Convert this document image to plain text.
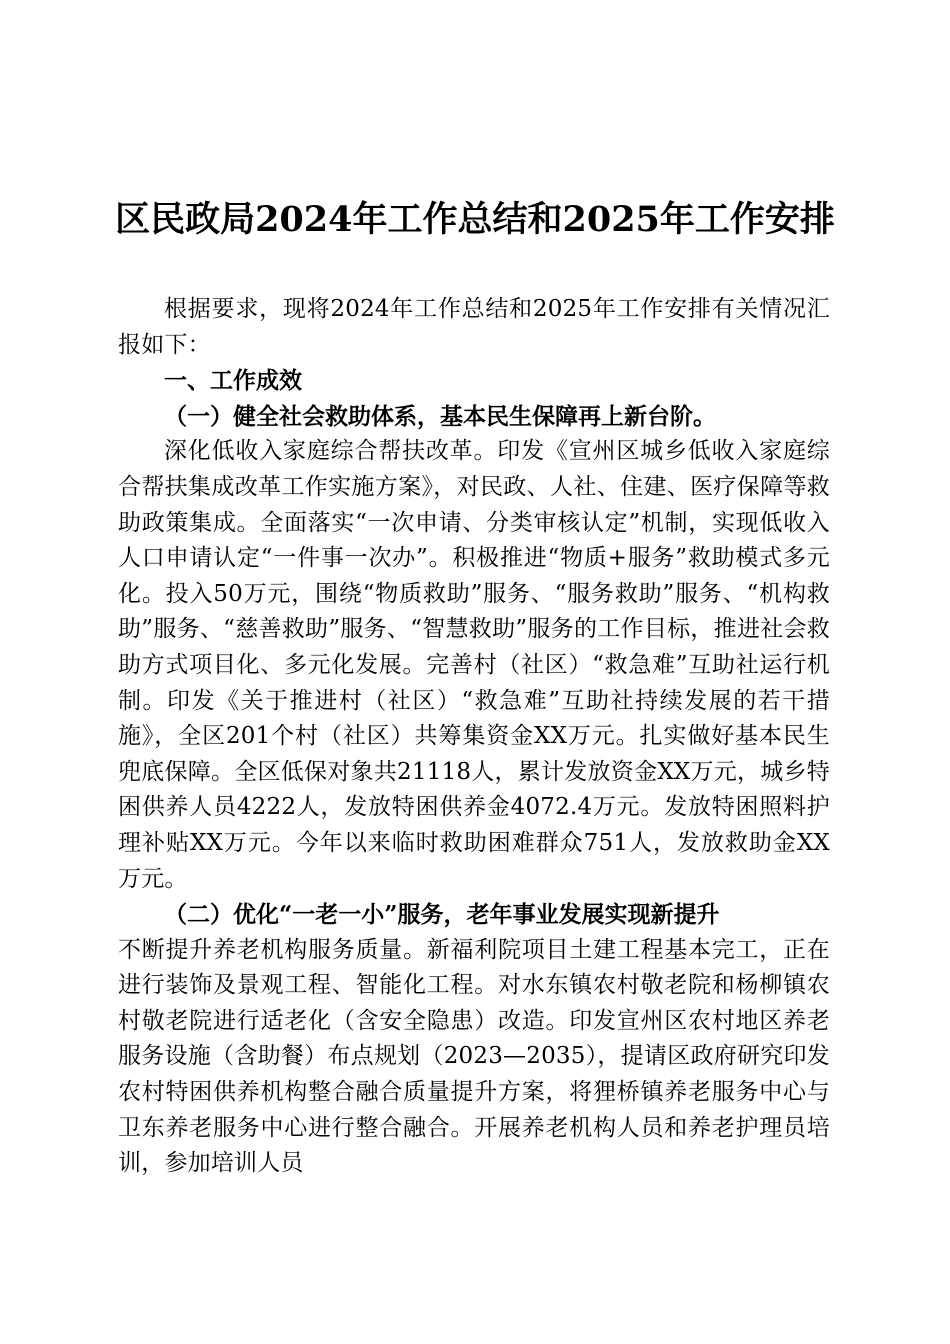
区民政局2024年工作总结和2025年工作安排

根据要求，现将2024年工作总结和2025年工作安排有关情况汇报如下：

一、工作成效

（一）健全社会救助体系，基本民生保障再上新台阶。

深化低收入家庭综合帮扶改革。印发《宣州区城乡低收入家庭综合帮扶集成改革工作实施方案》，对民政、人社、住建、医疗保障等救助政策集成。全面落实“一次申请、分类审核认定”机制，实现低收入人口申请认定“一件事一次办”。积极推进“物质+服务”救助模式多元化。投入50万元，围绕“物质救助”服务、“服务救助”服务、“机构救助”服务、“慈善救助”服务、“智慧救助”服务的工作目标，推进社会救助方式项目化、多元化发展。完善村（社区）“救急难”互助社运行机制。印发《关于推进村（社区）“救急难”互助社持续发展的若干措施》，全区201个村（社区）共筹集资金XX万元。扎实做好基本民生兜底保障。全区低保对象共21118人，累计发放资金XX万元，城乡特困供养人员4222人，发放特困供养金4072.4万元。发放特困照料护理补贴XX万元。今年以来临时救助困难群众751人，发放救助金XX万元。

（二）优化“一老一小”服务，老年事业发展实现新提升

不断提升养老机构服务质量。新福利院项目土建工程基本完工，正在进行装饰及景观工程、智能化工程。对水东镇农村敬老院和杨柳镇农村敬老院进行适老化（含安全隐患）改造。印发宣州区农村地区养老服务设施（含助餐）布点规划（2023—2035），提请区政府研究印发农村特困供养机构整合融合质量提升方案，将狸桥镇养老服务中心与卫东养老服务中心进行整合融合。开展养老机构人员和养老护理员培训，参加培训人员
